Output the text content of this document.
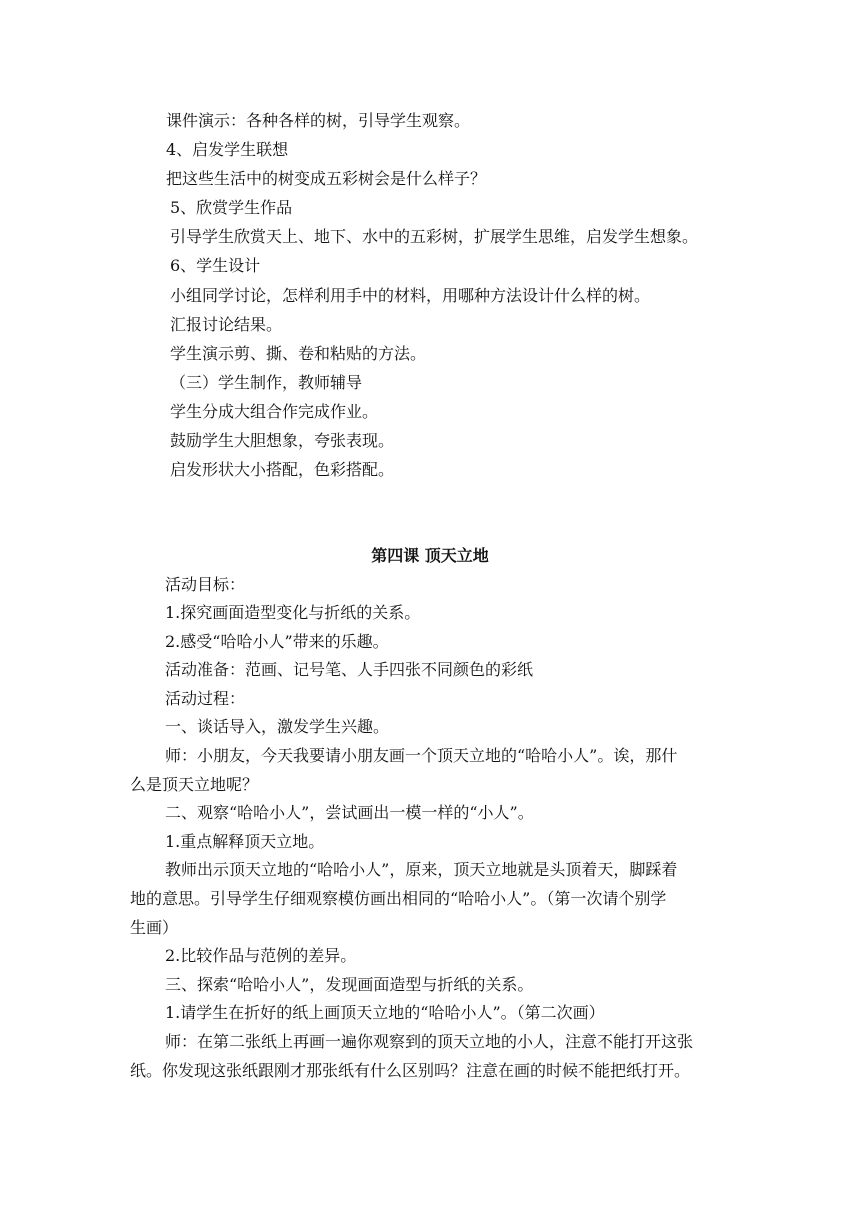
课件演示：各种各样的树，引导学生观察。
4、启发学生联想
把这些生活中的树变成五彩树会是什么样子？
5、欣赏学生作品
引导学生欣赏天上、地下、水中的五彩树，扩展学生思维，启发学生想象。
6、学生设计
小组同学讨论，怎样利用手中的材料，用哪种方法设计什么样的树。
汇报讨论结果。
学生演示剪、撕、卷和粘贴的方法。
（三）学生制作，教师辅导
学生分成大组合作完成作业。
鼓励学生大胆想象，夸张表现。
启发形状大小搭配，色彩搭配。
第四课 顶天立地
活动目标：
1.探究画面造型变化与折纸的关系。
2.感受“哈哈小人”带来的乐趣。
活动准备：范画、记号笔、人手四张不同颜色的彩纸
活动过程：
一、谈话导入，激发学生兴趣。
师：小朋友，今天我要请小朋友画一个顶天立地的“哈哈小人”。诶，那什
么是顶天立地呢？
二、观察“哈哈小人”，尝试画出一模一样的“小人”。
1.重点解释顶天立地。
教师出示顶天立地的“哈哈小人”，原来，顶天立地就是头顶着天，脚踩着
地的意思。引导学生仔细观察模仿画出相同的“哈哈小人”。（第一次请个别学
生画）
2.比较作品与范例的差异。
三、探索“哈哈小人”，发现画面造型与折纸的关系。
1.请学生在折好的纸上画顶天立地的“哈哈小人”。（第二次画）
师：在第二张纸上再画一遍你观察到的顶天立地的小人，注意不能打开这张
纸。你发现这张纸跟刚才那张纸有什么区别吗？注意在画的时候不能把纸打开。
